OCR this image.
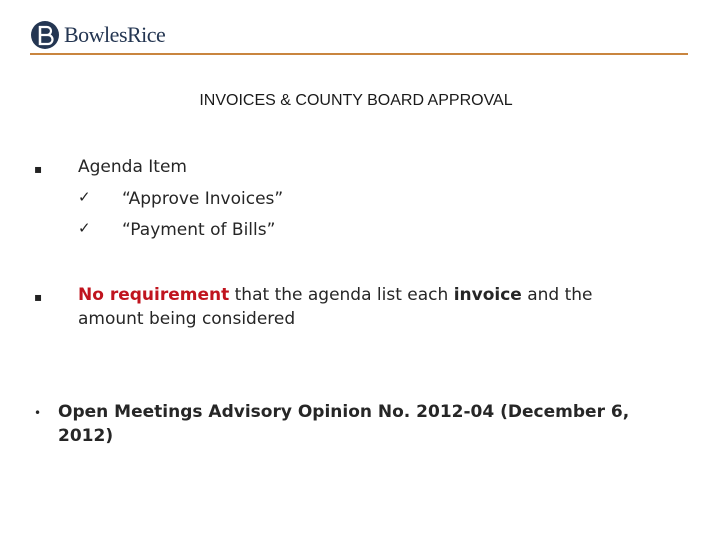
BowlesRice
INVOICES & COUNTY BOARD APPROVAL
▪ Agenda Item
✓ “Approve Invoices”
✓ “Payment of Bills”
▪ No requirement that the agenda list each invoice and the
amount being considered
• Open Meetings Advisory Opinion No. 2012-04 (December 6,
2012)
